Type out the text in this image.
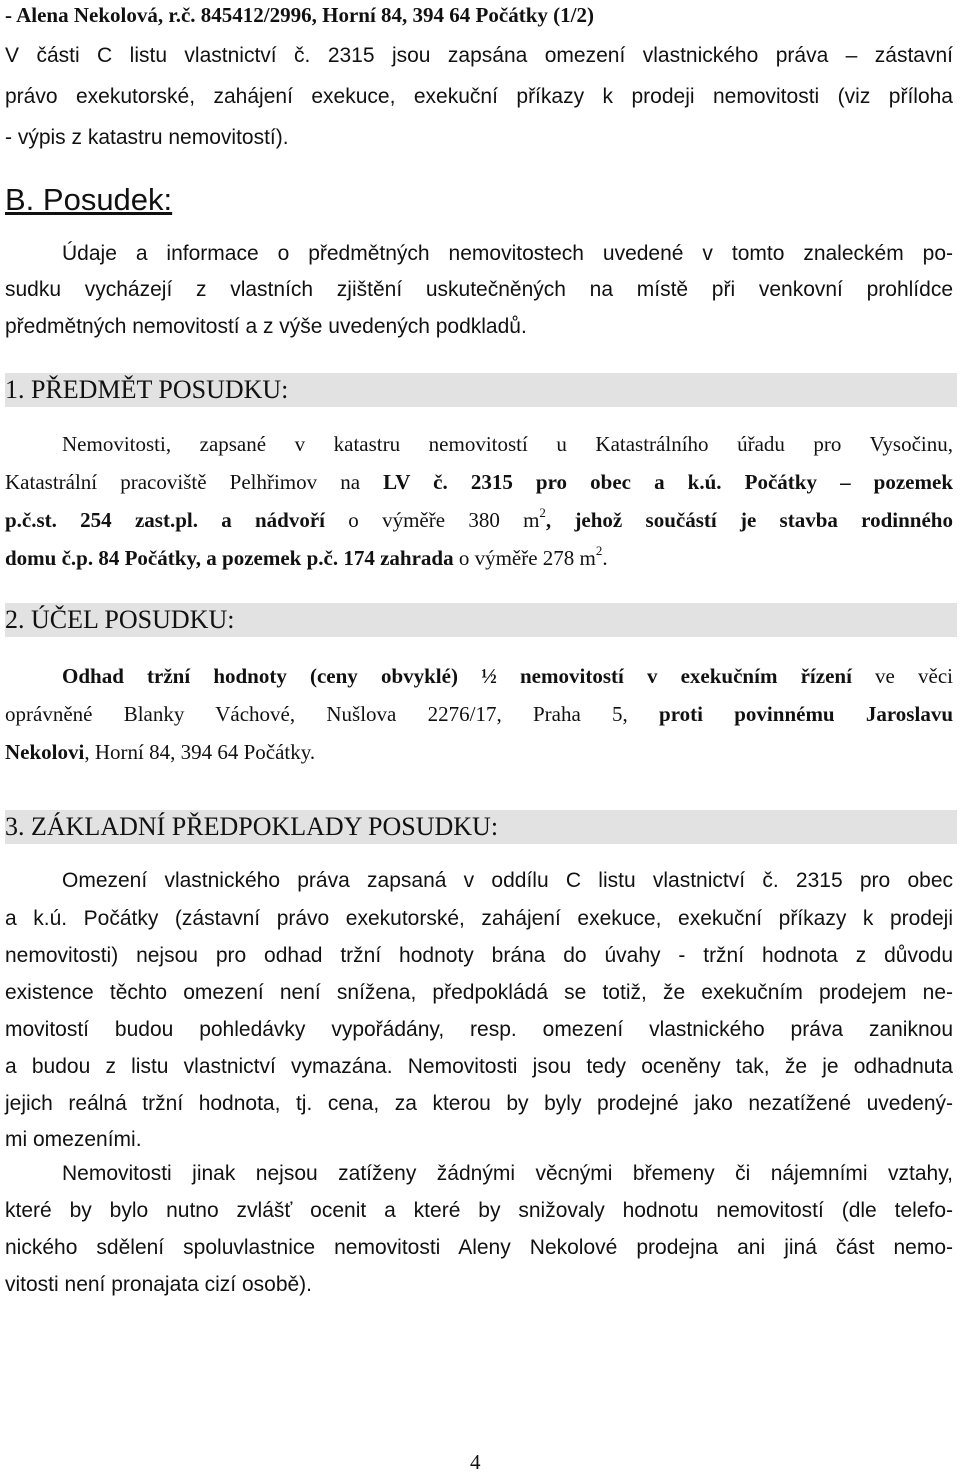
- Alena Nekolová, r.č. 845412/2996, Horní 84, 394 64 Počátky (1/2)
V části C listu vlastnictví č. 2315 jsou zapsána omezení vlastnického práva – zástavní
právo exekutorské, zahájení exekuce, exekuční příkazy k prodeji nemovitosti (viz příloha
- výpis z katastru nemovitostí).
B. Posudek:
Údaje a informace o předmětných nemovitostech uvedené v tomto znaleckém po-
sudku vycházejí z vlastních zjištění uskutečněných na místě při venkovní prohlídce
předmětných nemovitostí a z výše uvedených podkladů.
1. PŘEDMĚT POSUDKU:
Nemovitosti, zapsané v katastru nemovitostí u Katastrálního úřadu pro Vysočinu,
Katastrální pracoviště Pelhřimov na LV č. 2315 pro obec a k.ú. Počátky – pozemek
p.č.st. 254 zast.pl. a nádvoří o výměře 380 $m^2$, jehož součástí je stavba rodinného
domu č.p. 84 Počátky, a pozemek p.č. 174 zahrada o výměře 278 $m^2$.
2. ÚČEL POSUDKU:
Odhad tržní hodnoty (ceny obvyklé) ½ nemovitostí v exekučním řízení ve věci
oprávněné Blanky Váchové, Nušlova 2276/17, Praha 5, proti povinnému Jaroslavu
Nekolovi, Horní 84, 394 64 Počátky.
3. ZÁKLADNÍ PŘEDPOKLADY POSUDKU:
Omezení vlastnického práva zapsaná v oddílu C listu vlastnictví č. 2315 pro obec
a k.ú. Počátky (zástavní právo exekutorské, zahájení exekuce, exekuční příkazy k prodeji
nemovitosti) nejsou pro odhad tržní hodnoty brána do úvahy - tržní hodnota z důvodu
existence těchto omezení není snížena, předpokládá se totiž, že exekučním prodejem ne-
movitostí budou pohledávky vypořádány, resp. omezení vlastnického práva zaniknou
a budou z listu vlastnictví vymazána. Nemovitosti jsou tedy oceněny tak, že je odhadnuta
jejich reálná tržní hodnota, tj. cena, za kterou by byly prodejné jako nezatížené uvedený-
mi omezeními.
Nemovitosti jinak nejsou zatíženy žádnými věcnými břemeny či nájemními vztahy,
které by bylo nutno zvlášť ocenit a které by snižovaly hodnotu nemovitostí (dle telefo-
nického sdělení spoluvlastnice nemovitosti Aleny Nekolové prodejna ani jiná část nemo-
vitosti není pronajata cizí osobě).
4
